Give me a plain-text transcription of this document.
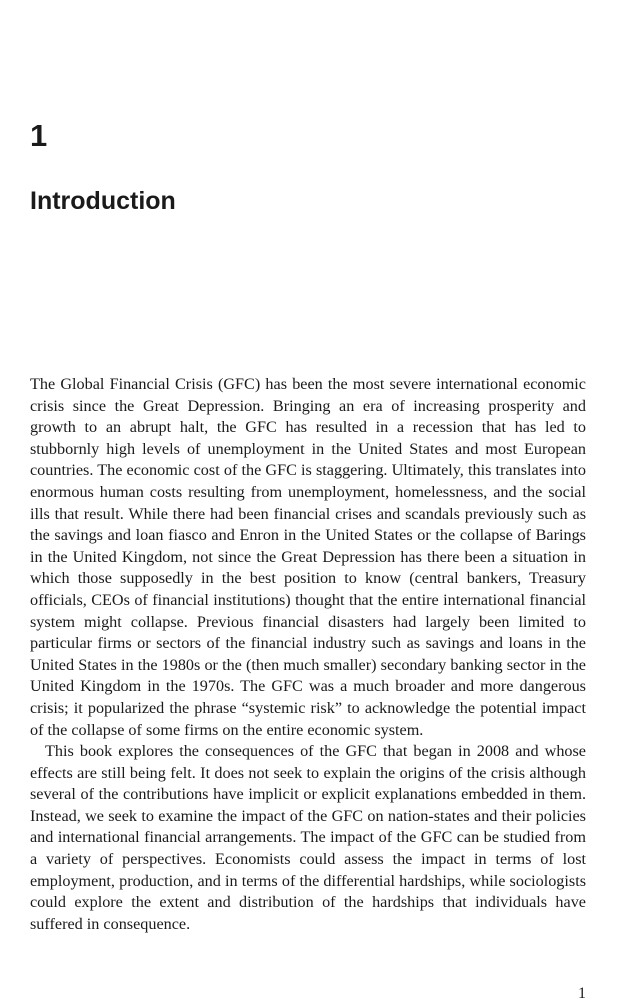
1
Introduction

The Global Financial Crisis (GFC) has been the most severe international economic crisis since the Great Depression. Bringing an era of increasing prosperity and growth to an abrupt halt, the GFC has resulted in a recession that has led to stubbornly high levels of unemployment in the United States and most European countries. The economic cost of the GFC is staggering. Ultimately, this translates into enormous human costs resulting from unemployment, homelessness, and the social ills that result. While there had been financial crises and scandals previously such as the savings and loan fiasco and Enron in the United States or the collapse of Barings in the United Kingdom, not since the Great Depression has there been a situation in which those supposedly in the best position to know (central bankers, Treasury officials, CEOs of financial institutions) thought that the entire international financial system might collapse. Previous financial disasters had largely been limited to particular firms or sectors of the financial industry such as savings and loans in the United States in the 1980s or the (then much smaller) secondary banking sector in the United Kingdom in the 1970s. The GFC was a much broader and more dangerous crisis; it popularized the phrase “systemic risk” to acknowledge the potential impact of the collapse of some firms on the entire economic system.

This book explores the consequences of the GFC that began in 2008 and whose effects are still being felt. It does not seek to explain the origins of the crisis although several of the contributions have implicit or explicit explanations embedded in them. Instead, we seek to examine the impact of the GFC on nation-states and their policies and international financial arrangements. The impact of the GFC can be studied from a variety of perspectives. Economists could assess the impact in terms of lost employment, production, and in terms of the differential hardships, while sociologists could explore the extent and distribution of the hardships that individuals have suffered in consequence.

1
